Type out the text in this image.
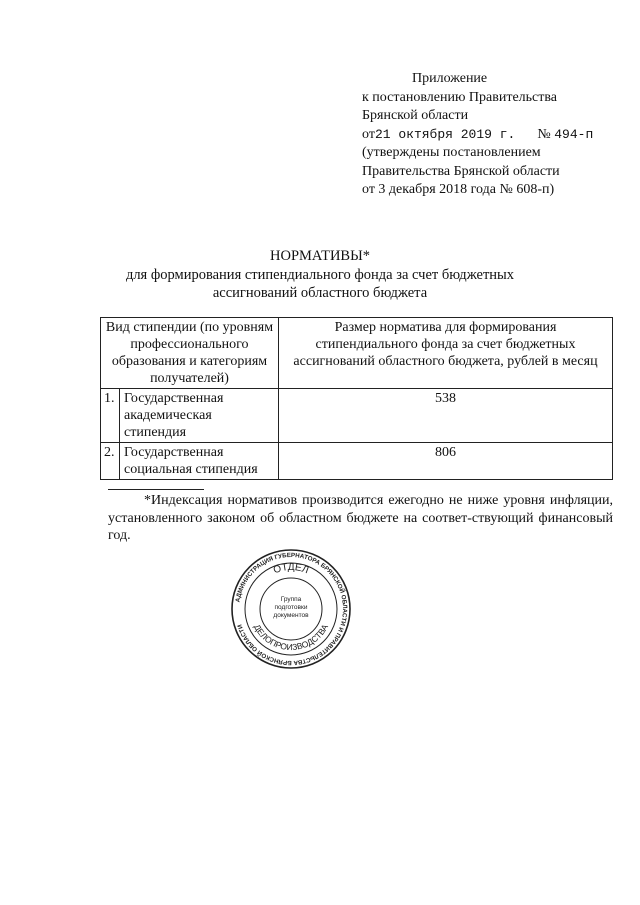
Приложение
к постановлению Правительства
Брянской области
от21 октября 2019 г. № 494-п
(утверждены постановлением
Правительства Брянской области
от 3 декабря 2018 года № 608-п)
НОРМАТИВЫ*
для формирования стипендиального фонда за счет бюджетных
ассигнований областного бюджета
Вид стипендии (по уровням профессионального образования и категориям получателей)		Размер норматива для формирования стипендиального фонда за счет бюджетных ассигнований областного бюджета, рублей в месяц
1.	Государственная академическая стипендия	538
2.	Государственная социальная стипендия	806
*Индексация нормативов производится ежегодно не ниже уровня инфляции, установленного законом об областном бюджете на соответ-ствующий финансовый год.
АДМИНИСТРАЦИЯ ГУБЕРНАТОРА БРЯНСКОЙ ОБЛАСТИ И ПРАВИТЕЛЬСТВА БРЯНСКОЙ ОБЛАСТИ
ОТДЕЛ
ДЕЛОПРОИЗВОДСТВА
Группа
подготовки
документов
